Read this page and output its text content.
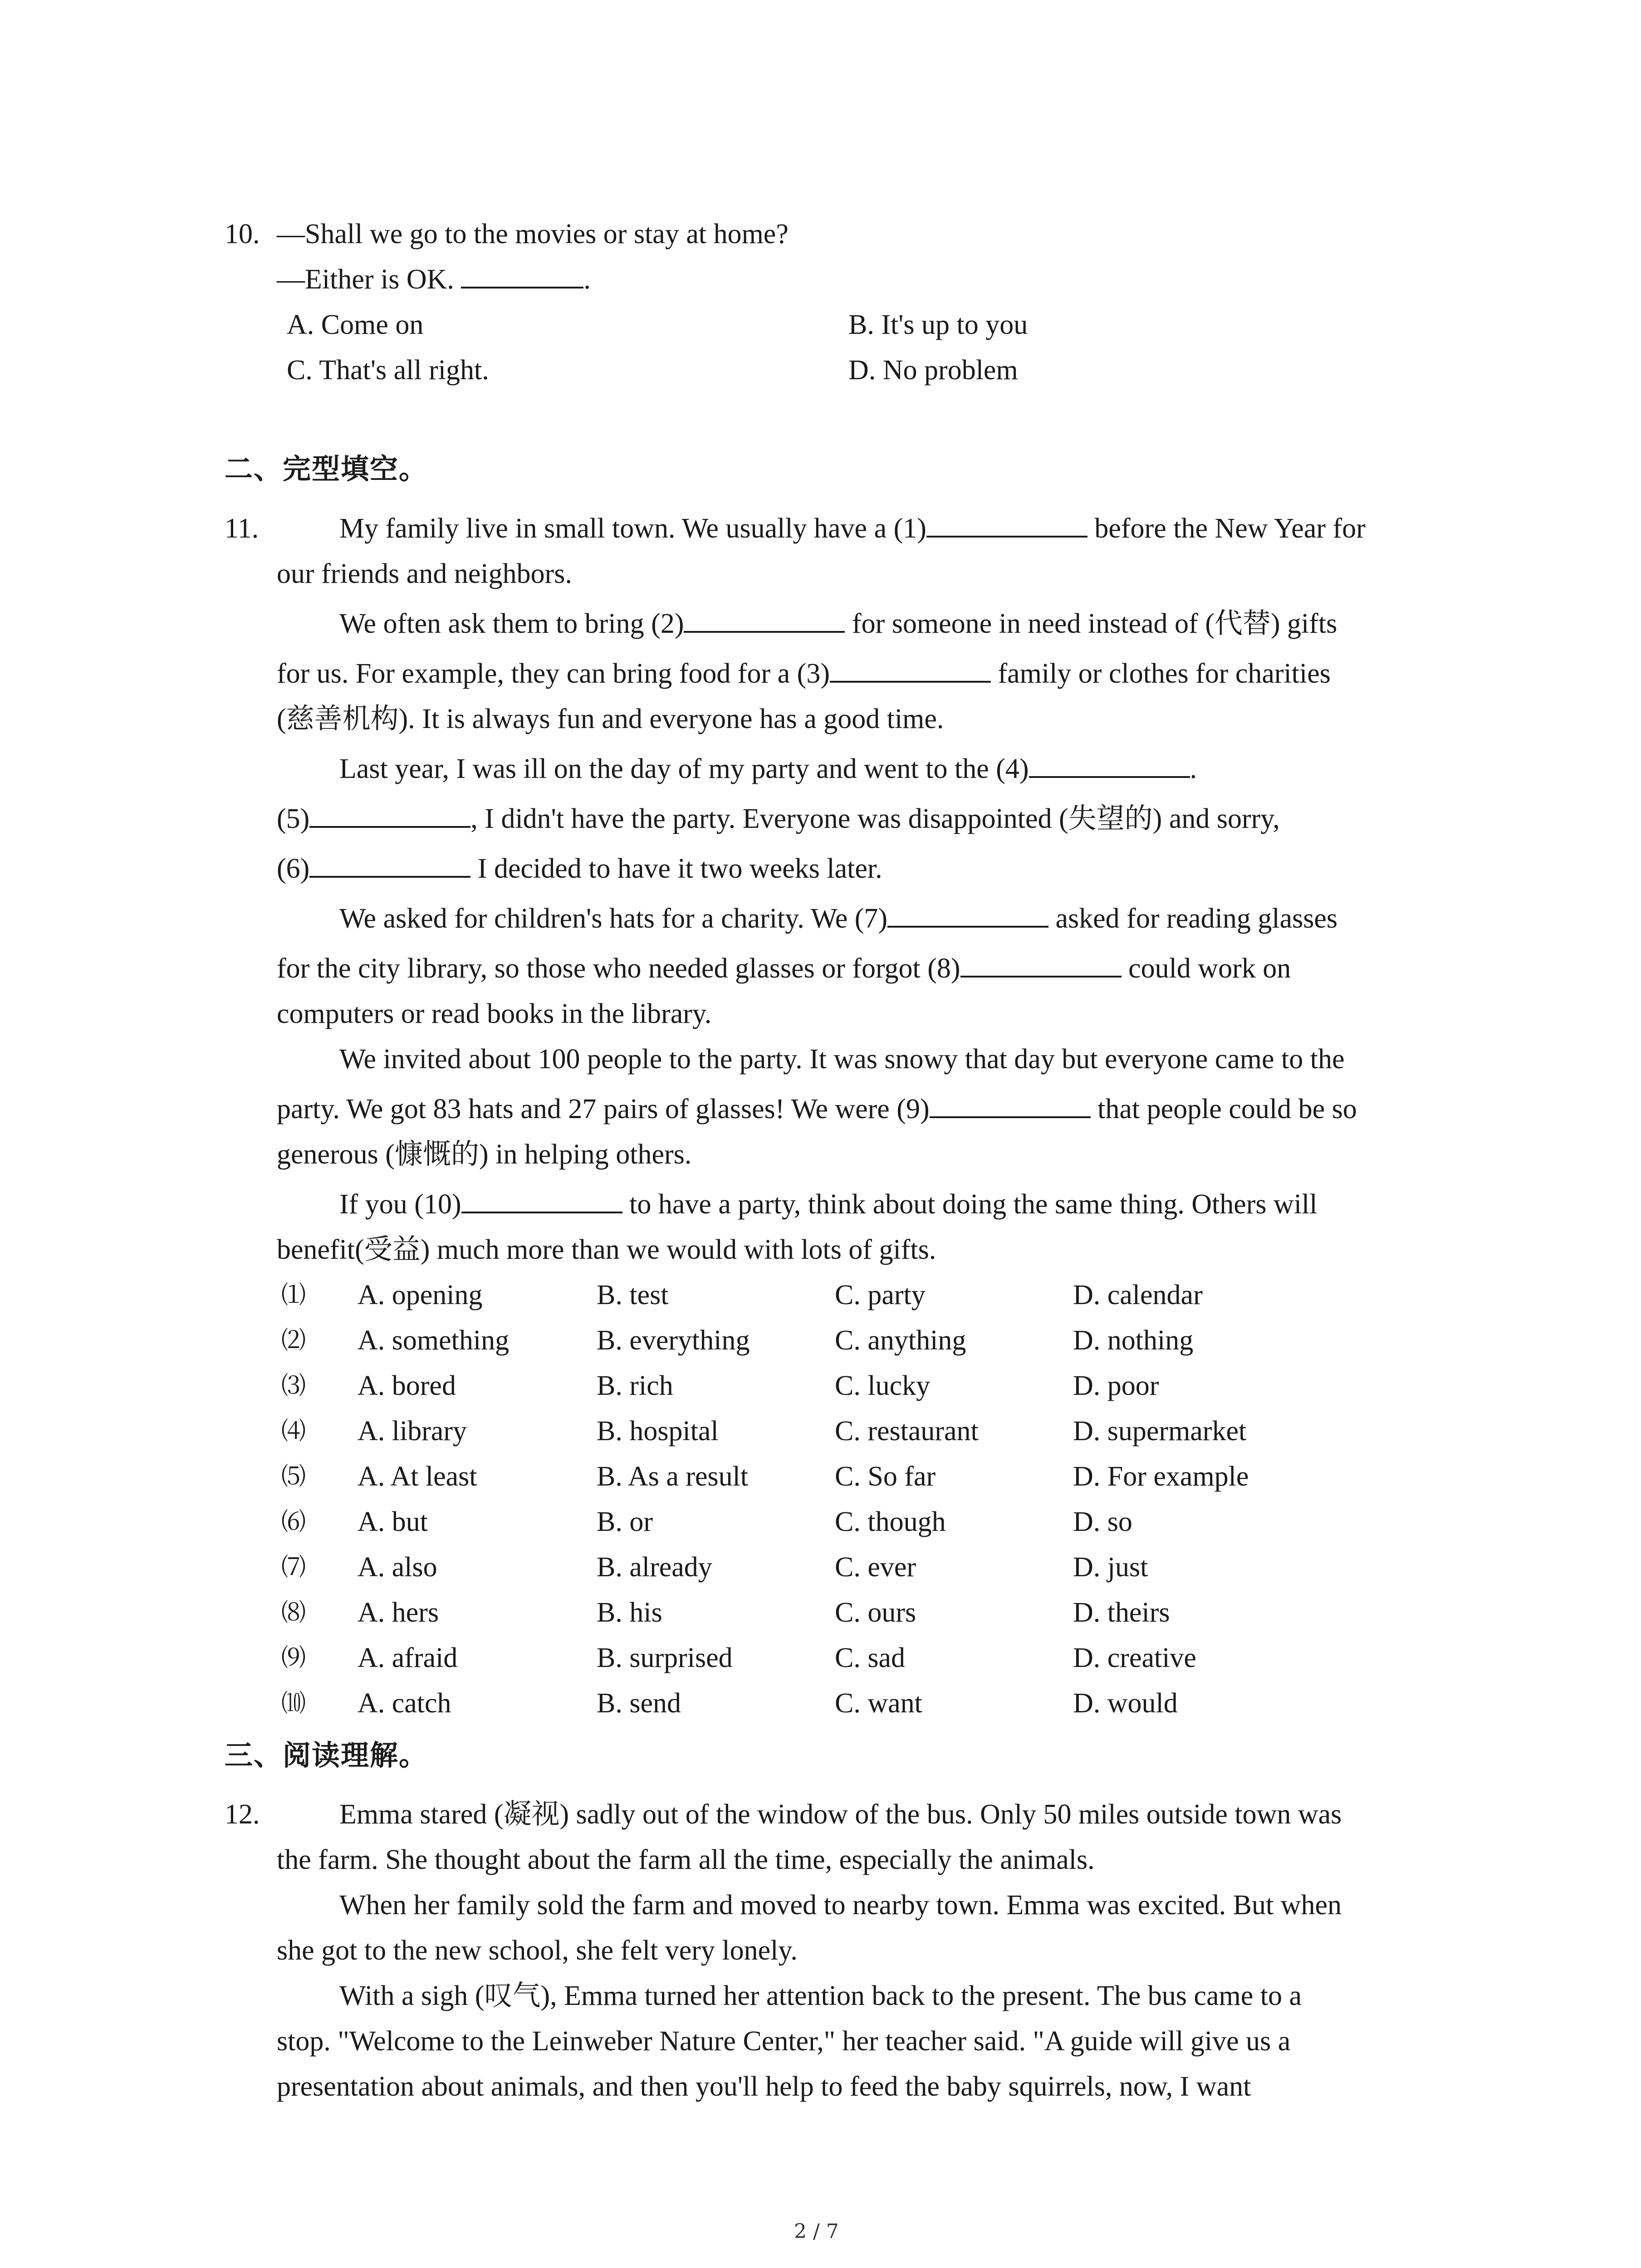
10. —Shall we go to the movies or stay at home?
—Either is OK.	.
A. Come on	B. It's up to you
C. That's all right.	D. No problem
二、完型填空。
11.	My family live in small town. We usually have a (1)	before the New Year for
our friends and neighbors.
We often ask them to bring (2)	for someone in need instead of (代替) gifts
for us. For example, they can bring food for a (3)	family or clothes for charities
(慈善机构). It is always fun and everyone has a good time.
Last year, I was ill on the day of my party and went to the (4)	.
(5)	, I didn't have the party. Everyone was disappointed (失望的) and sorry,
(6)	I decided to have it two weeks later.
We asked for children's hats for a charity. We (7)	asked for reading glasses
for the city library, so those who needed glasses or forgot (8)	could work on
computers or read books in the library.
We invited about 100 people to the party. It was snowy that day but everyone came to the
party. We got 83 hats and 27 pairs of glasses! We were (9)	that people could be so
generous (慷慨的) in helping others.
If you (10)	to have a party, think about doing the same thing. Others will
benefit(受益) much more than we would with lots of gifts.
⑴ A. opening	B. test	C. party	D. calendar
⑵ A. something	B. everything	C. anything	D. nothing
⑶ A. bored	B. rich	C. lucky	D. poor
⑷ A. library	B. hospital	C. restaurant	D. supermarket
⑸ A. At least	B. As a result	C. So far	D. For example
⑹ A. but	B. or	C. though	D. so
⑺ A. also	B. already	C. ever	D. just
⑻ A. hers	B. his	C. ours	D. theirs
⑼ A. afraid	B. surprised	C. sad	D. creative
⑽ A. catch	B. send	C. want	D. would
三、阅读理解。
12.	Emma stared (凝视) sadly out of the window of the bus. Only 50 miles outside town was
the farm. She thought about the farm all the time, especially the animals.
When her family sold the farm and moved to nearby town. Emma was excited. But when
she got to the new school, she felt very lonely.
With a sigh (叹气), Emma turned her attention back to the present. The bus came to a
stop. "Welcome to the Leinweber Nature Center," her teacher said. "A guide will give us a
presentation about animals, and then you'll help to feed the baby squirrels, now, I want
2 / 7
